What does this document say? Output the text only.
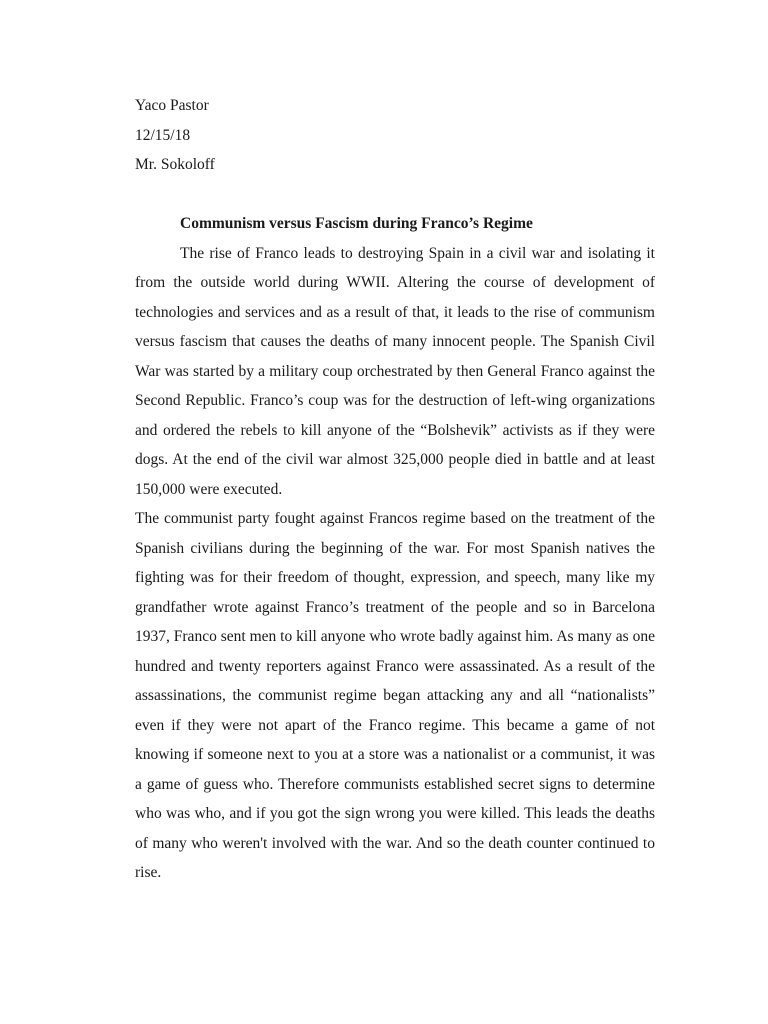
Yaco Pastor

12/15/18

Mr. Sokoloff

Communism versus Fascism during Franco’s Regime

The rise of Franco leads to destroying Spain in a civil war and isolating it from the outside world during WWII. Altering the course of development of technologies and services and as a result of that, it leads to the rise of communism versus fascism that causes the deaths of many innocent people. The Spanish Civil War was started by a military coup orchestrated by then General Franco against the Second Republic. Franco’s coup was for the destruction of left-wing organizations and ordered the rebels to kill anyone of the “Bolshevik” activists as if they were dogs. At the end of the civil war almost 325,000 people died in battle and at least 150,000 were executed.

The communist party fought against Francos regime based on the treatment of the Spanish civilians during the beginning of the war. For most Spanish natives the fighting was for their freedom of thought, expression, and speech, many like my grandfather wrote against Franco’s treatment of the people and so in Barcelona 1937, Franco sent men to kill anyone who wrote badly against him. As many as one hundred and twenty reporters against Franco were assassinated. As a result of the assassinations, the communist regime began attacking any and all “nationalists” even if they were not apart of the Franco regime. This became a game of not knowing if someone next to you at a store was a nationalist or a communist, it was a game of guess who. Therefore communists established secret signs to determine who was who, and if you got the sign wrong you were killed. This leads the deaths of many who weren't involved with the war. And so the death counter continued to rise.
